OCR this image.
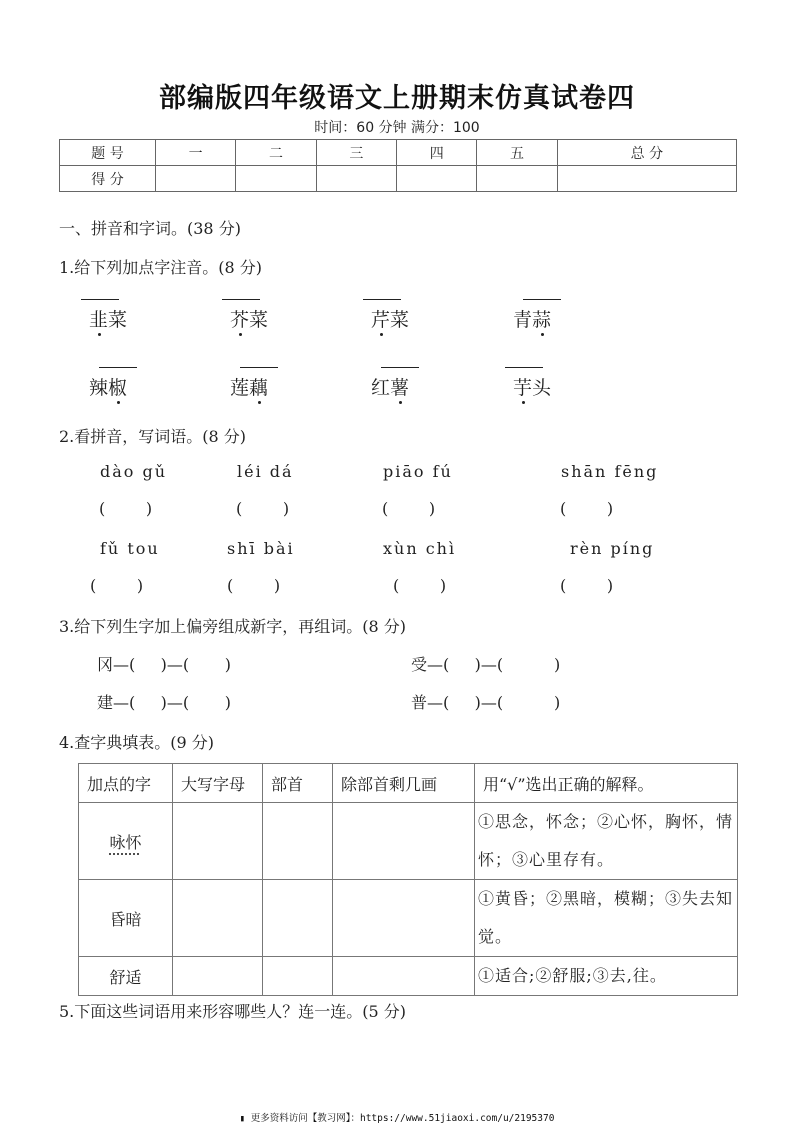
部编版四年级语文上册期末仿真试卷四
时间：60 分钟 满分：100
题 号	一	二	三	四	五	总 分
得 分						
一、拼音和字词。(38 分)
1.给下列加点字注音。(8 分)
韭菜	芥菜	芹菜	青蒜
辣椒	莲藕	红薯	芋头
2.看拼音，写词语。(8 分)
dào gǔ	léi dá	piāo fú	shān fēng
(        )	(        )	(        )	(        )
fǔ tou	shī bài	xùn chì	rèn píng
(        )	(        )	(        )	(        )
3.给下列生字加上偏旁组成新字，再组词。(8 分)
冈—(     )—(       )	受—(     )—(          )
建—(     )—(       )	普—(     )—(          )
4.查字典填表。(9 分)
加点的字	大写字母	部首	除部首剩几画	用“√”选出正确的解释。
咏怀				①思念，怀念；②心怀，胸怀，情怀；③心里存有。
昏暗				①黄昏；②黑暗，模糊；③失去知觉。
舒适				①适合;②舒服;③去,往。
5.下面这些词语用来形容哪些人？连一连。(5 分)
▮ 更多资料访问【教习网】：https://www.51jiaoxi.com/u/2195370
